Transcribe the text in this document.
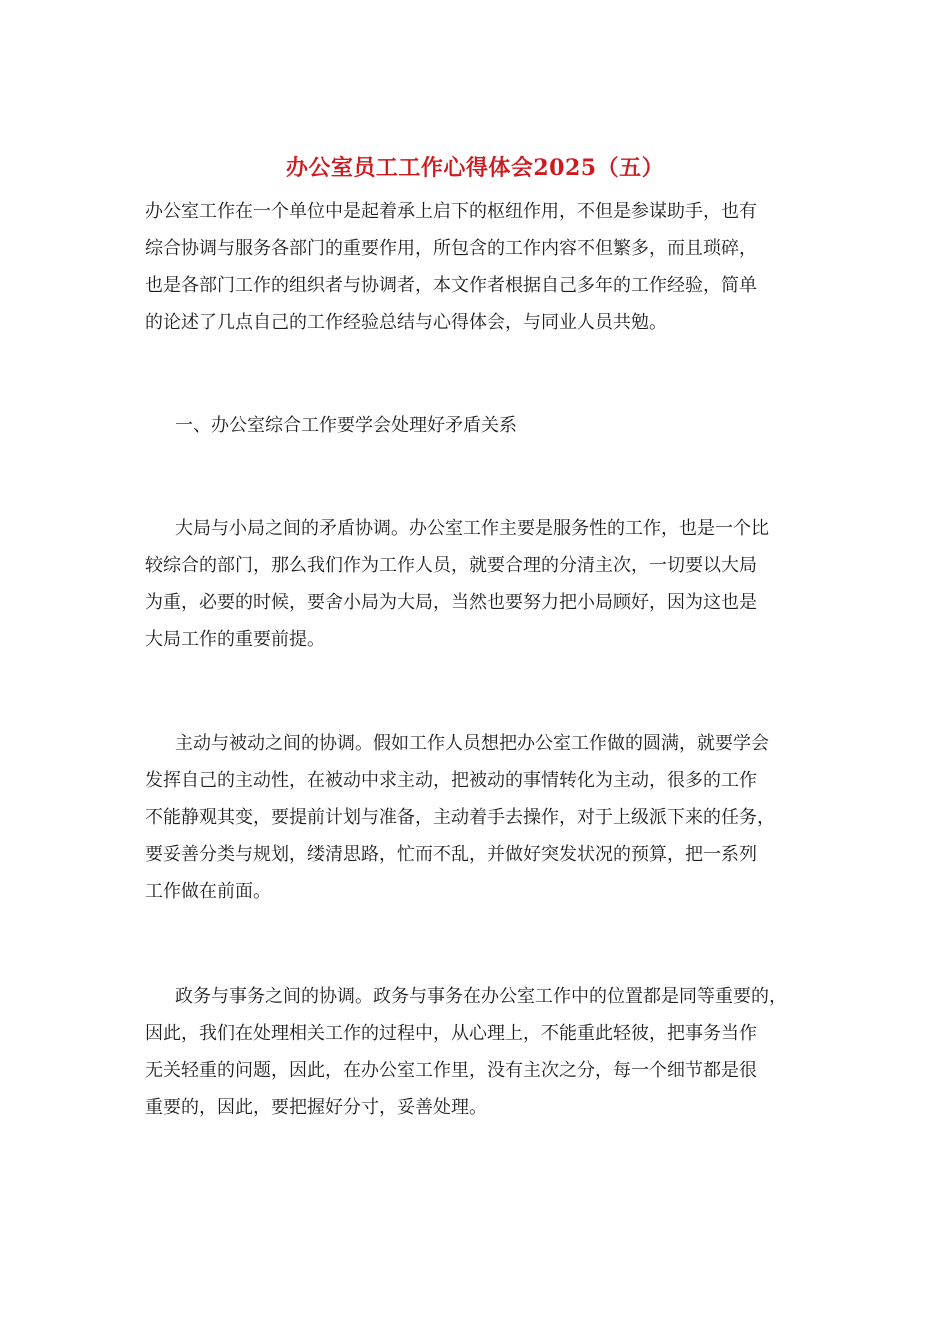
办公室员工工作心得体会2025（五）
办公室工作在一个单位中是起着承上启下的枢纽作用，不但是参谋助手，也有
综合协调与服务各部门的重要作用，所包含的工作内容不但繁多，而且琐碎，
也是各部门工作的组织者与协调者，本文作者根据自己多年的工作经验，简单
的论述了几点自己的工作经验总结与心得体会，与同业人员共勉。
一、办公室综合工作要学会处理好矛盾关系
大局与小局之间的矛盾协调。办公室工作主要是服务性的工作，也是一个比
较综合的部门，那么我们作为工作人员，就要合理的分清主次，一切要以大局
为重，必要的时候，要舍小局为大局，当然也要努力把小局顾好，因为这也是
大局工作的重要前提。
主动与被动之间的协调。假如工作人员想把办公室工作做的圆满，就要学会
发挥自己的主动性，在被动中求主动，把被动的事情转化为主动，很多的工作
不能静观其变，要提前计划与准备，主动着手去操作，对于上级派下来的任务，
要妥善分类与规划，缕清思路，忙而不乱，并做好突发状况的预算，把一系列
工作做在前面。
政务与事务之间的协调。政务与事务在办公室工作中的位置都是同等重要的，
因此，我们在处理相关工作的过程中，从心理上，不能重此轻彼，把事务当作
无关轻重的问题，因此，在办公室工作里，没有主次之分，每一个细节都是很
重要的，因此，要把握好分寸，妥善处理。
